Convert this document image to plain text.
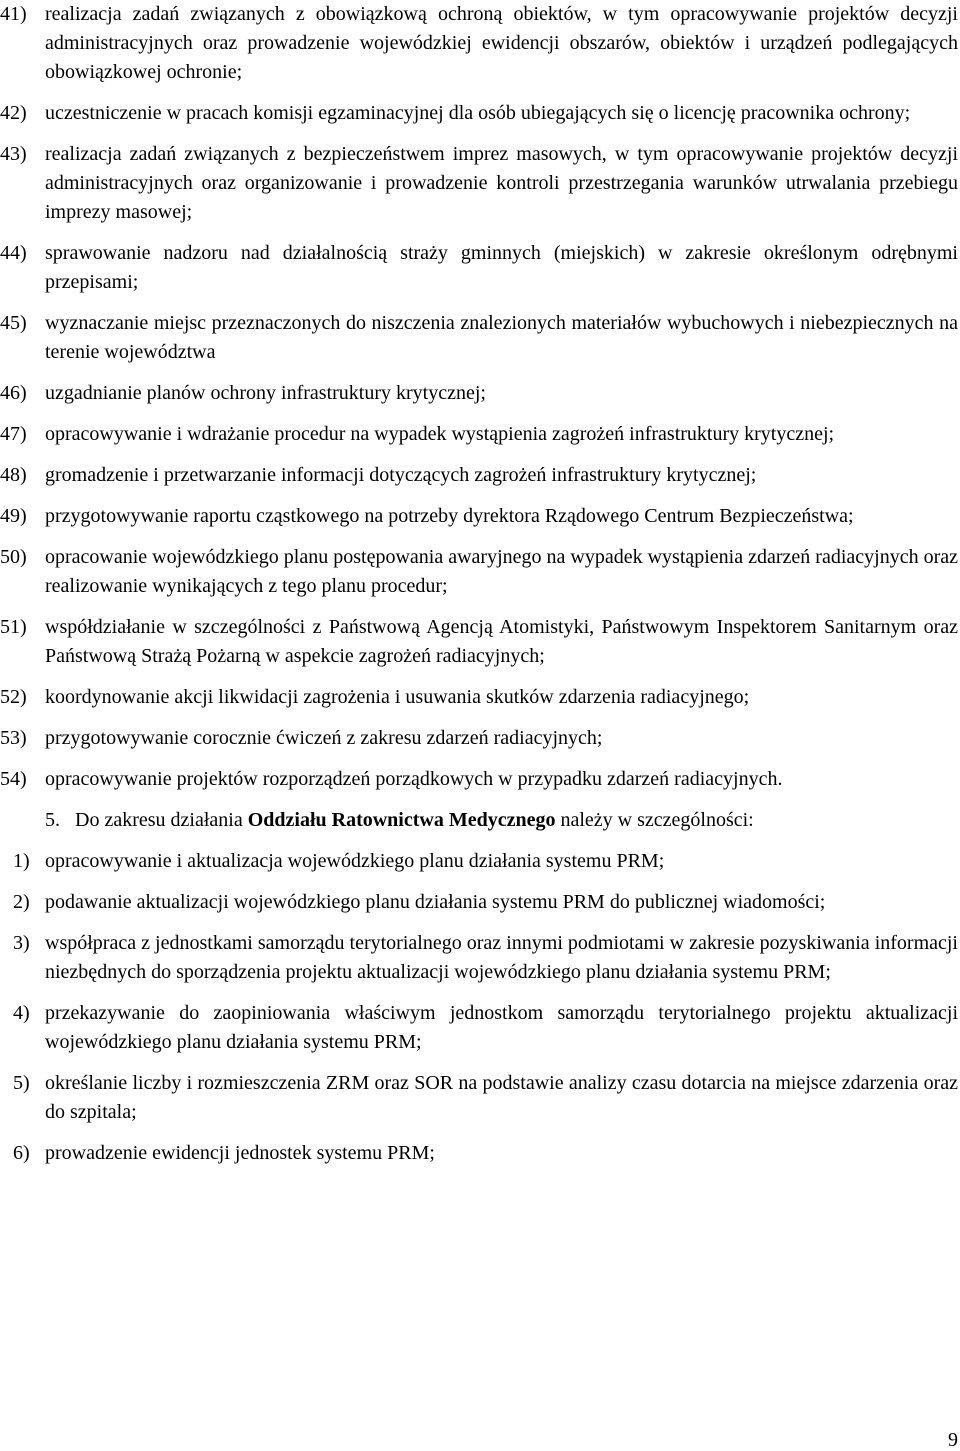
41) realizacja zadań związanych z obowiązkową ochroną obiektów, w tym opracowywanie projektów decyzji administracyjnych oraz prowadzenie wojewódzkiej ewidencji obszarów, obiektów i urządzeń podlegających obowiązkowej ochronie;
42) uczestniczenie w pracach komisji egzaminacyjnej dla osób ubiegających się o licencję pracownika ochrony;
43) realizacja zadań związanych z bezpieczeństwem imprez masowych, w tym opracowywanie projektów decyzji administracyjnych oraz organizowanie i prowadzenie kontroli przestrzegania warunków utrwalania przebiegu imprezy masowej;
44) sprawowanie nadzoru nad działalnością straży gminnych (miejskich) w zakresie określonym odrębnymi przepisami;
45) wyznaczanie miejsc przeznaczonych do niszczenia znalezionych materiałów wybuchowych i niebezpiecznych na terenie województwa
46) uzgadnianie planów ochrony infrastruktury krytycznej;
47) opracowywanie i wdrażanie procedur na wypadek wystąpienia zagrożeń infrastruktury krytycznej;
48) gromadzenie i przetwarzanie informacji dotyczących zagrożeń infrastruktury krytycznej;
49) przygotowywanie raportu cząstkowego na potrzeby dyrektora Rządowego Centrum Bezpieczeństwa;
50) opracowanie wojewódzkiego planu postępowania awaryjnego na wypadek wystąpienia zdarzeń radiacyjnych oraz realizowanie wynikających z tego planu procedur;
51) współdziałanie w szczególności z Państwową Agencją Atomistyki, Państwowym Inspektorem Sanitarnym oraz Państwową Strażą Pożarną w aspekcie zagrożeń radiacyjnych;
52) koordynowanie akcji likwidacji zagrożenia i usuwania skutków zdarzenia radiacyjnego;
53) przygotowywanie corocznie ćwiczeń z zakresu zdarzeń radiacyjnych;
54) opracowywanie projektów rozporządzeń porządkowych w przypadku zdarzeń radiacyjnych.
5. Do zakresu działania Oddziału Ratownictwa Medycznego należy w szczególności:
1) opracowywanie i aktualizacja wojewódzkiego planu działania systemu PRM;
2) podawanie aktualizacji wojewódzkiego planu działania systemu PRM do publicznej wiadomości;
3) współpraca z jednostkami samorządu terytorialnego oraz innymi podmiotami w zakresie pozyskiwania informacji niezbędnych do sporządzenia projektu aktualizacji wojewódzkiego planu działania systemu PRM;
4) przekazywanie do zaopiniowania właściwym jednostkom samorządu terytorialnego projektu aktualizacji wojewódzkiego planu działania systemu PRM;
5) określanie liczby i rozmieszczenia ZRM oraz SOR na podstawie analizy czasu dotarcia na miejsce zdarzenia oraz do szpitala;
6) prowadzenie ewidencji jednostek systemu PRM;
9
